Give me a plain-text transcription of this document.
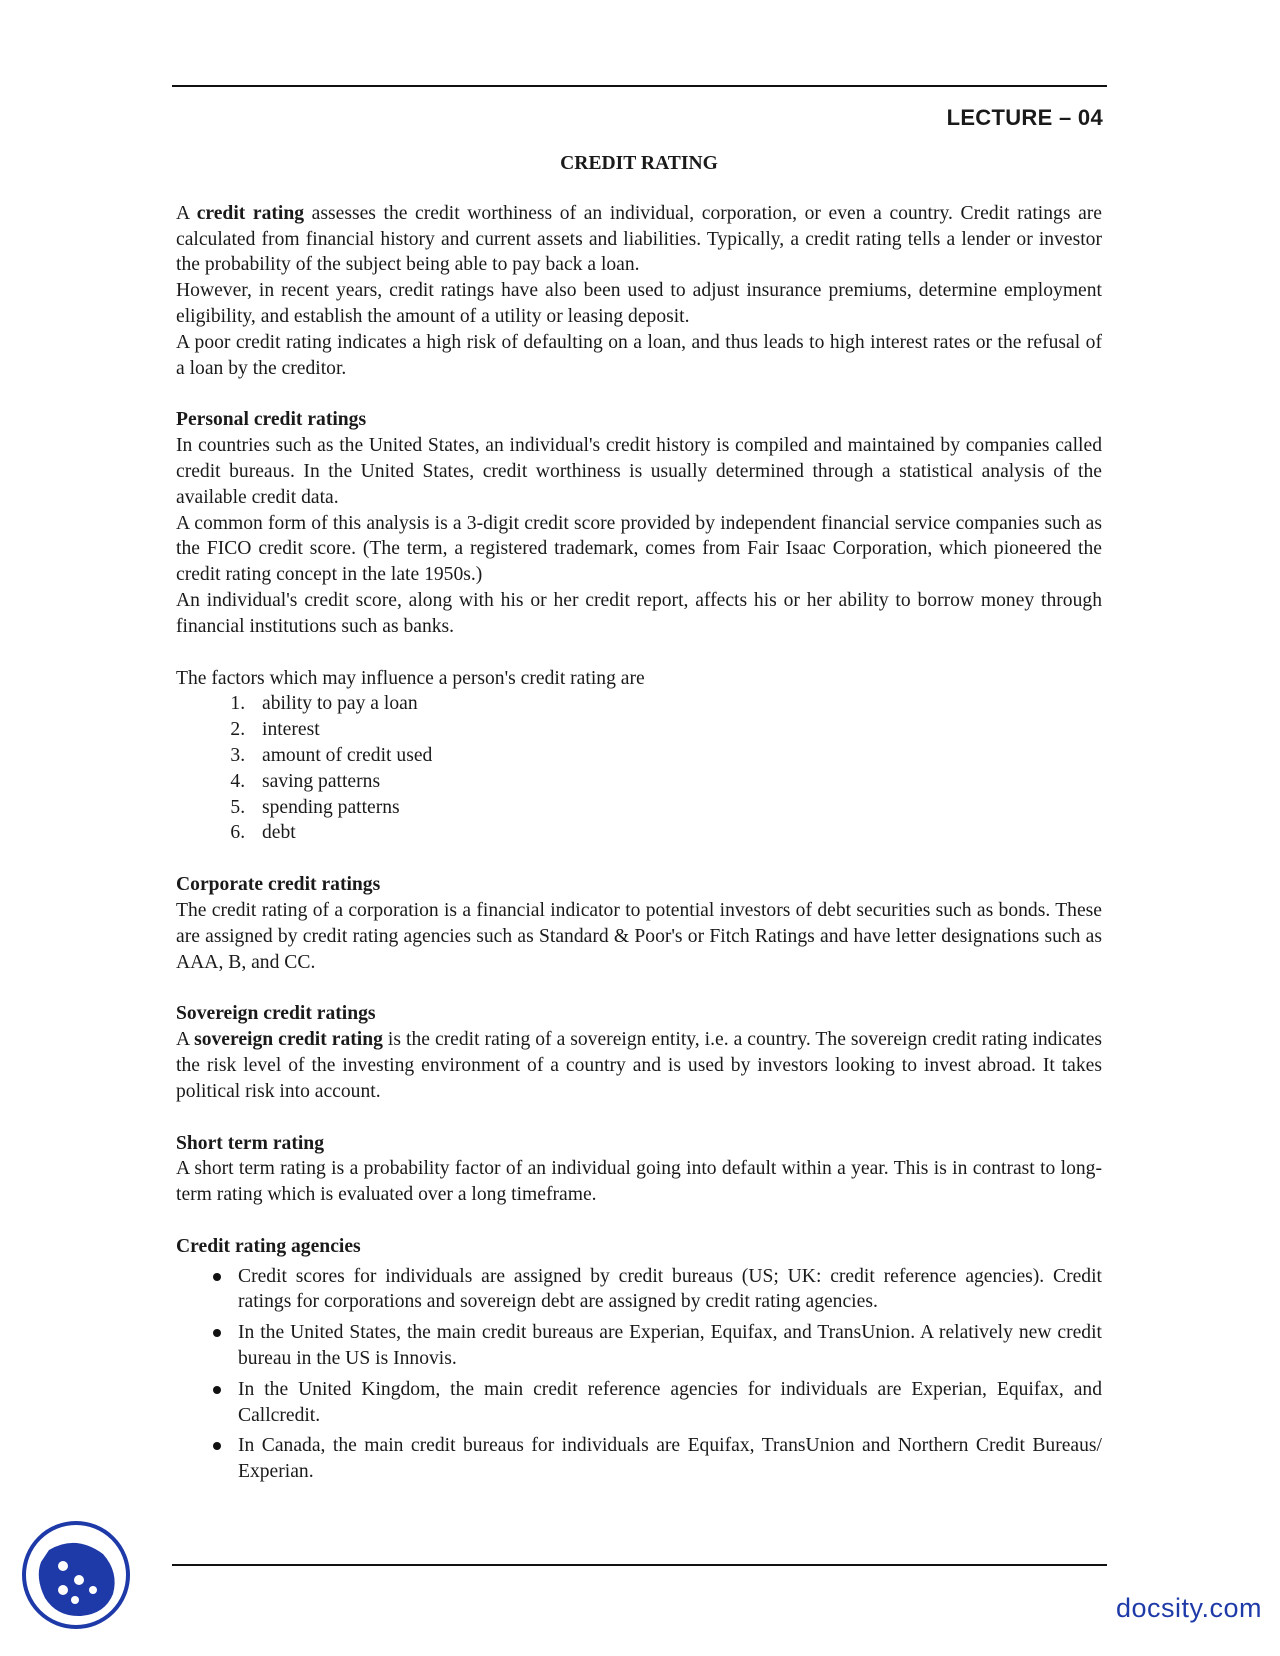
LECTURE – 04
CREDIT RATING

A credit rating assesses the credit worthiness of an individual, corporation, or even a country. Credit ratings are calculated from financial history and current assets and liabilities. Typically, a credit rating tells a lender or investor the probability of the subject being able to pay back a loan.

However, in recent years, credit ratings have also been used to adjust insurance premiums, determine employment eligibility, and establish the amount of a utility or leasing deposit.

A poor credit rating indicates a high risk of defaulting on a loan, and thus leads to high interest rates or the refusal of a loan by the creditor.

Personal credit ratings

In countries such as the United States, an individual's credit history is compiled and maintained by companies called credit bureaus. In the United States, credit worthiness is usually determined through a statistical analysis of the available credit data.

A common form of this analysis is a 3-digit credit score provided by independent financial service companies such as the FICO credit score. (The term, a registered trademark, comes from Fair Isaac Corporation, which pioneered the credit rating concept in the late 1950s.)

An individual's credit score, along with his or her credit report, affects his or her ability to borrow money through financial institutions such as banks.

The factors which may influence a person's credit rating are

1. ability to pay a loan
2. interest
3. amount of credit used
4. saving patterns
5. spending patterns
6. debt
Corporate credit ratings

The credit rating of a corporation is a financial indicator to potential investors of debt securities such as bonds. These are assigned by credit rating agencies such as Standard & Poor's or Fitch Ratings and have letter designations such as AAA, B, and CC.

Sovereign credit ratings

A sovereign credit rating is the credit rating of a sovereign entity, i.e. a country. The sovereign credit rating indicates the risk level of the investing environment of a country and is used by investors looking to invest abroad. It takes political risk into account.

Short term rating

A short term rating is a probability factor of an individual going into default within a year. This is in contrast to long-term rating which is evaluated over a long timeframe.

Credit rating agencies
Credit scores for individuals are assigned by credit bureaus (US; UK: credit reference agencies). Credit ratings for corporations and sovereign debt are assigned by credit rating agencies.
In the United States, the main credit bureaus are Experian, Equifax, and TransUnion. A relatively new credit bureau in the US is Innovis.
In the United Kingdom, the main credit reference agencies for individuals are Experian, Equifax, and Callcredit.
In Canada, the main credit bureaus for individuals are Equifax, TransUnion and Northern Credit Bureaus/ Experian.
docsity.com
